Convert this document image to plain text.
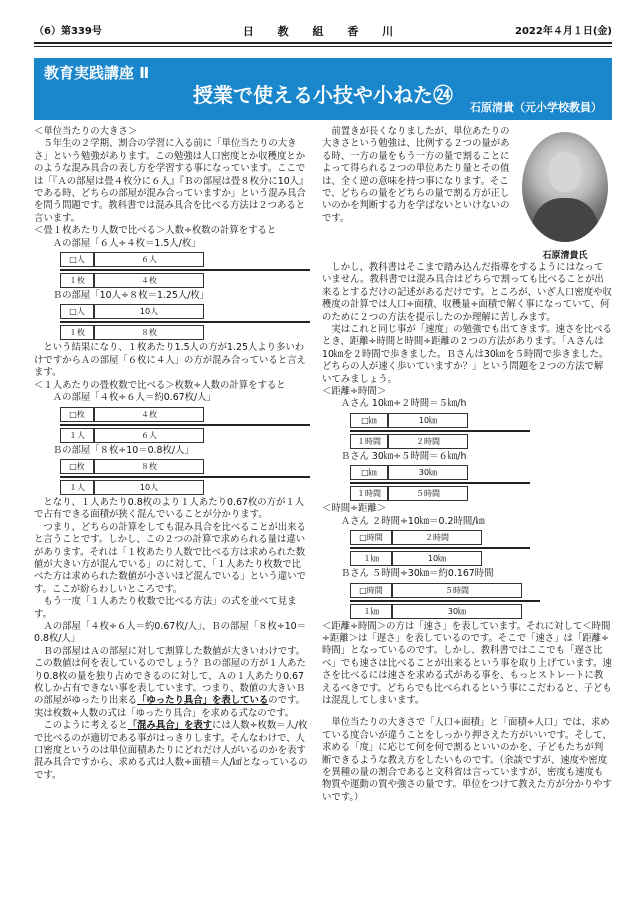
（6）第339号	日 教 組 香 川	2022年４月１日(金)
教育実践講座 Ⅱ
授業で使える小技や小ねた㉔
石原清貴（元小学校教員）

＜単位当たりの大きさ＞

５年生の２学期、割合の学習に入る前に「単位当たりの大きさ」という勉強があります。この勉強は人口密度とか収穫度とかのような混み具合の表し方を学習する事になっています。ここでは「『Ａの部屋は畳４枚分に６人』『Ｂの部屋は畳８枚分に10人』である時、どちらの部屋が混み合っていますか」という混み具合を問う問題です。教科書では混み具合を比べる方法は２つあると言います。

＜畳１枚あたり人数で比べる＞人数÷枚数の計算をすると

Ａの部屋「６人÷４枚＝1.5人/枚」

□人	６人
１枚	４枚

Ｂの部屋「10人÷８枚＝1.25人/枚」

□人	10人
１枚	８枚

という結果になり、１枚あたり1.5人の方が1.25人より多いわけですからＡの部屋「６枚に４人」の方が混み合っていると言えます。

＜１人あたりの畳枚数で比べる＞枚数÷人数の計算をすると

Ａの部屋「４枚÷６人＝約0.67枚/人」

□枚	４枚
１人	６人

Ｂの部屋「８枚÷10＝0.8枚/人」

□枚	８枚
１人	10人

となり、１人あたり0.8枚のより１人あたり0.67枚の方が１人で占有できる面積が狭く混んでいることが分かります。

つまり、どちらの計算をしても混み具合を比べることが出来ると言うことです。しかし、この２つの計算で求められる量は違いがあります。それは「１枚あたり人数で比べる方は求められた数値が大きい方が混んでいる」のに対して、「１人あたり枚数で比べた方は求められた数値が小さいほど混んでいる」という違いです。ここが紛らわしいところです。

もう一度「１人あたり枚数で比べる方法」の式を並べて見ます。

Ａの部屋「４枚÷６人＝約0.67枚/人」、Ｂの部屋「８枚÷10＝0.8枚/人」

Ｂの部屋はＡの部屋に対して割算した数値が大きいわけです。この数値は何を表しているのでしょう？Ｂの部屋の方が１人あたり0.8枚の量を独り占めできるのに対して、Ａの１人あたり0.67枚しか占有できない事を表しています。つまり、数値の大きいＢの部屋がゆったり出来る「ゆったり具合」を表しているのです。実は枚数÷人数の式は「ゆったり具合」を求める式なのです。

このように考えると「混み具合」を表すには人数÷枚数＝人/枚で比べるのが適切である事がはっきりします。そんなわけで、人口密度というのは単位面積あたりにどれだけ人がいるのかを表す混み具合ですから、求める式は人数÷面積＝人/㎢となっているのです。

石原清貴氏

前置きが長くなりましたが、単位あたりの大きさという勉強は、比例する２つの量がある時、一方の量をもう一方の量で割ることによって得られる２つの単位あたり量とその值は、全く逆の意味を持つ事になります。そこで、どちらの量をどちらの量で割る方が正しいのかを判断する力を学ばないといけないのです。

しかし、教科書はそこまで踏み込んだ指導をするようにはなっていません。教科書では混み具合はどちらで割っても比べることが出来るとするだけの記述があるだけです。ところが、いざ人口密度や収穫度の計算では人口÷面積、収穫量÷面積で解く事になっていて、何のために２つの方法を提示したのか理解に苦しみます。

実はこれと同じ事が「速度」の勉強でも出てきます。速さを比べるとき、距離÷時間と時間÷距離の２つの方法があります。「Ａさんは10㎞を２時間で歩きました。Ｂさんは30㎞を５時間で歩きました。どちらの人が速く歩いていますか？」という問題を２つの方法で解いてみましょう。

＜距離÷時間＞

Ａさん 10㎞÷２時間＝５㎞/h

□㎞	10㎞
１時間	２時間

Ｂさん 30㎞÷５時間＝６㎞/h

□㎞	30㎞
１時間	５時間

＜時間÷距離＞

Ａさん ２時間÷10㎞＝0.2時間/㎞

□時間	２時間
１㎞	10㎞

Ｂさん ５時間÷30㎞＝約0.167時間

□時間	５時間
１㎞	30㎞

＜距離÷時間＞の方は「速さ」を表しています。それに対して＜時間÷距離＞は「遅さ」を表しているのです。そこで「速さ」は「距離÷時間」となっているのです。しかし、教科書ではここでも「遅さ比べ」でも速さは比べることが出来るという事を取り上げています。速さを比べるには速さを求める式がある事を、もっとストレートに教えるべきです。どちらでも比べられるという事にこだわると、子どもは混乱してしまいます。

単位当たりの大きさで「人口÷面積」と「面積÷人口」では、求めている度合いが違うことをしっかり押さえた方がいいです。そして、求める「度」に応じて何を何で割るといいのかを、子どもたちが判断できるような教え方をしたいものです。（余談ですが、速度や密度を異種の量の割合であると文科省は言っていますが、密度も速度も物質や運動の質や強さの量です。単位をつけて教えた方が分かりやすいです。）
